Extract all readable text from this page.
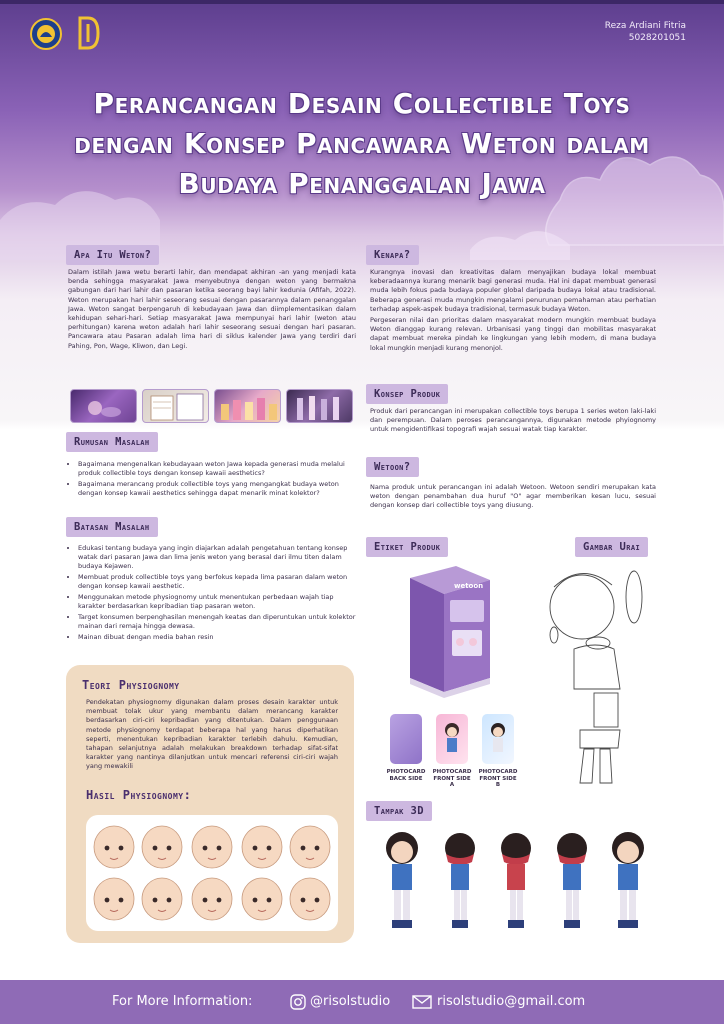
Reza Ardiani Fitria
5028201051
Perancangan Desain Collectible Toys dengan Konsep Pancawara Weton dalam Budaya Penanggalan Jawa
Apa Itu Weton?
Dalam istilah Jawa wetu berarti lahir, dan mendapat akhiran -an yang menjadi kata benda sehingga masyarakat Jawa menyebutnya dengan weton yang bermakna gabungan dari hari lahir dan pasaran ketika seorang bayi lahir kedunia (Afifah, 2022). Weton merupakan hari lahir seseorang sesuai dengan pasarannya dalam penanggalan Jawa. Weton sangat berpengaruh di kebudayaan Jawa dan diimplementasikan dalam kehidupan sehari-hari. Setiap masyarakat Jawa mempunyai hari lahir (weton atau perhitungan) karena weton adalah hari lahir seseorang sesuai dengan hari pasaran. Pancawara atau Pasaran adalah lima hari di siklus kalender Jawa yang terdiri dari Pahing, Pon, Wage, Kliwon, dan Legi.
Rumusan Masalah
• Bagaimana mengenalkan kebudayaan weton Jawa kepada generasi muda melalui produk collectible toys dengan konsep kawaii aesthetics?
• Bagaimana merancang produk collectible toys yang mengangkat budaya weton dengan konsep kawaii aesthetics sehingga dapat menarik minat kolektor?
Batasan Masalah
• Edukasi tentang budaya yang ingin diajarkan adalah pengetahuan tentang konsep watak dari pasaran Jawa dan lima jenis weton yang berasal dari ilmu titen dalam budaya Kejawen.
• Membuat produk collectible toys yang berfokus kepada lima pasaran dalam weton dengan konsep kawaii aesthetic.
• Menggunakan metode physiognomy untuk menentukan perbedaan wajah tiap karakter berdasarkan kepribadian tiap pasaran weton.
• Target konsumen berpenghasilan menengah keatas dan diperuntukan untuk kolektor mainan dari remaja hingga dewasa.
• Mainan dibuat dengan media bahan resin
Teori Physiognomy
Pendekatan physiognomy digunakan dalam proses desain karakter untuk membuat tolak ukur yang membantu dalam merancang karakter berdasarkan ciri-ciri kepribadian yang ditentukan. Dalam penggunaan metode physiognomy terdapat beberapa hal yang harus diperhatikan seperti, menentukan kepribadian karakter terlebih dahulu. Kemudian, tahapan selanjutnya adalah melakukan breakdown terhadap sifat-sifat karakter yang nantinya dilanjutkan untuk mencari referensi ciri-ciri wajah yang mewakili
Hasil Physiognomy:
Kenapa?

Kurangnya inovasi dan kreativitas dalam menyajikan budaya lokal membuat keberadaannya kurang menarik bagi generasi muda. Hal ini dapat membuat generasi muda lebih fokus pada budaya populer global daripada budaya lokal atau tradisional. Beberapa generasi muda mungkin mengalami penurunan pemahaman atau perhatian terhadap aspek-aspek budaya tradisional, termasuk budaya Weton.

Pergeseran nilai dan prioritas dalam masyarakat modern mungkin membuat budaya Weton dianggap kurang relevan. Urbanisasi yang tinggi dan mobilitas masyarakat dapat membuat mereka pindah ke lingkungan yang lebih modern, di mana budaya lokal mungkin menjadi kurang menonjol.

Konsep Produk
Produk dari perancangan ini merupakan collectible toys berupa 1 series weton laki-laki dan perempuan. Dalam peroses perancangannya, digunakan metode phyiognomy untuk mengidentifikasi topografi wajah sesuai watak tiap karakter.
Wetoon?
Nama produk untuk perancangan ini adalah Wetoon. Wetoon sendiri merupakan kata weton dengan penambahan dua huruf "O" agar memberikan kesan lucu, sesuai dengan konsep dari collectible toys yang diusung.
Etiket Produk	Gambar Urai
wetoon
PHOTOCARD BACK SIDE
PHOTOCARD FRONT SIDE A
PHOTOCARD FRONT SIDE B
Tampak 3D
For More Information:	@risolstudio	risolstudio@gmail.com
